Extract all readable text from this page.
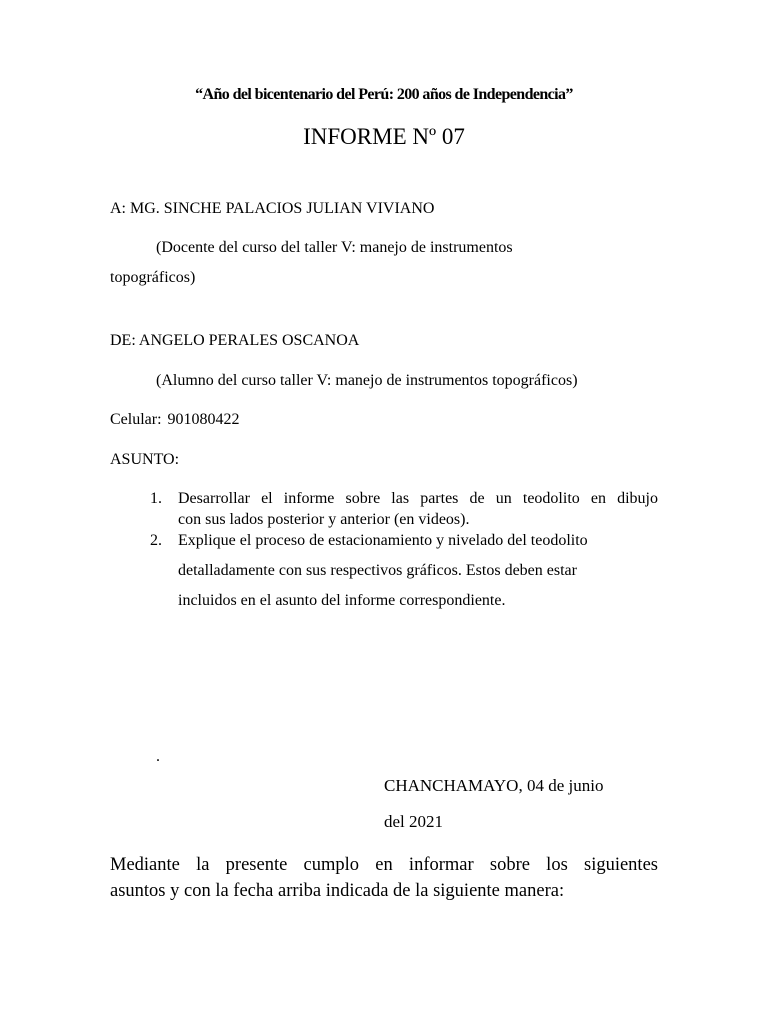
“Año del bicentenario del Perú: 200 años de Independencia”

INFORME Nº 07

A: MG. SINCHE PALACIOS JULIAN VIVIANO

(Docente del curso del taller V: manejo de instrumentos

topográficos)

DE: ANGELO PERALES OSCANOA

(Alumno del curso taller V: manejo de instrumentos topográficos)

Celular: 901080422

ASUNTO:

1. Desarrollar el informe sobre las partes de un teodolito en dibujo
con sus lados posterior y anterior (en videos).
2. Explique el proceso de estacionamiento y nivelado del teodolito
detalladamente con sus respectivos gráficos. Estos deben estar
incluidos en el asunto del informe correspondiente.

.

CHANCHAMAYO, 04 de junio

del 2021

Mediante la presente cumplo en informar sobre los siguientes
asuntos y con la fecha arriba indicada de la siguiente manera:
